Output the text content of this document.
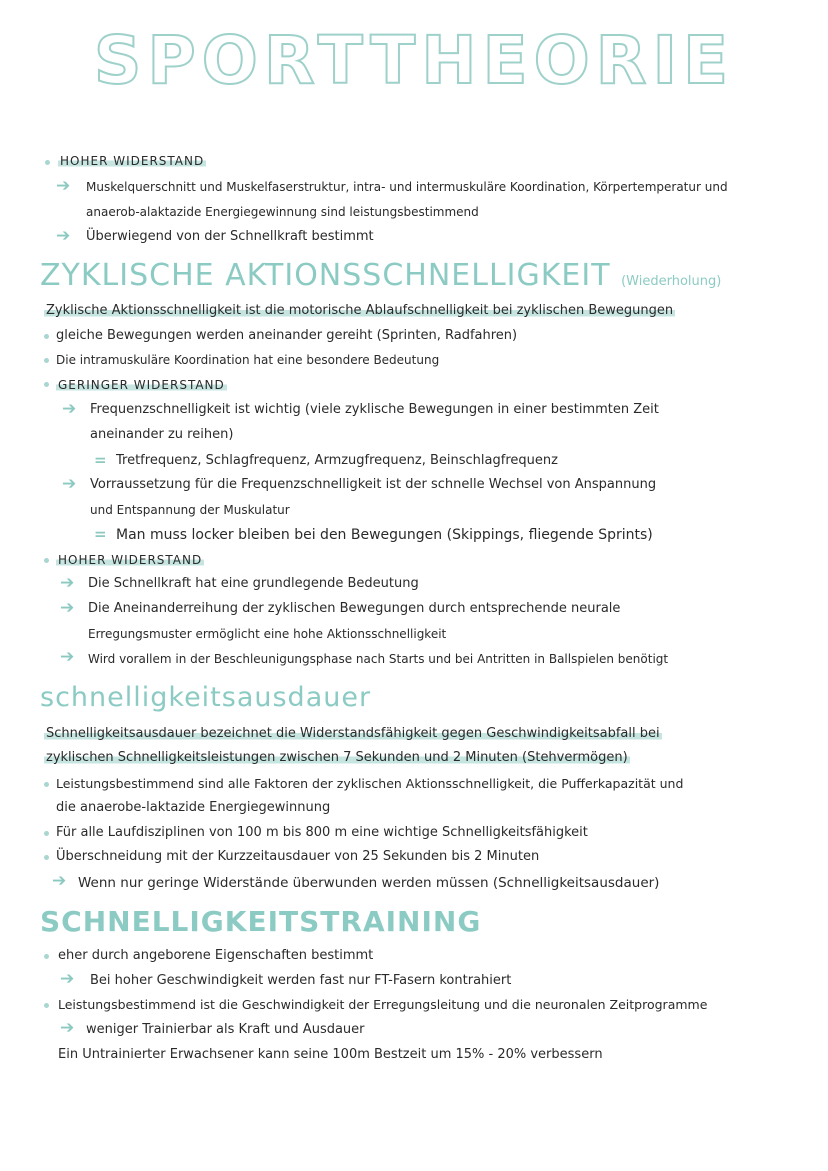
SPORTTHEORIE
HOHER WIDERSTAND
➔ Muskelquerschnitt und Muskelfaserstruktur, intra- und intermuskuläre Koordination, Körpertemperatur und
anaerob-alaktazide Energiegewinnung sind leistungsbestimmend
➔ Überwiegend von der Schnellkraft bestimmt
ZYKLISCHE AKTIONSSCHNELLIGKEIT (Wiederholung)
Zyklische Aktionsschnelligkeit ist die motorische Ablaufschnelligkeit bei zyklischen Bewegungen
gleiche Bewegungen werden aneinander gereiht (Sprinten, Radfahren)
Die intramuskuläre Koordination hat eine besondere Bedeutung
GERINGER WIDERSTAND
➔ Frequenzschnelligkeit ist wichtig (viele zyklische Bewegungen in einer bestimmten Zeit
aneinander zu reihen)
= Tretfrequenz, Schlagfrequenz, Armzugfrequenz, Beinschlagfrequenz
➔ Vorraussetzung für die Frequenzschnelligkeit ist der schnelle Wechsel von Anspannung
und Entspannung der Muskulatur
= Man muss locker bleiben bei den Bewegungen (Skippings, fliegende Sprints)
HOHER WIDERSTAND
➔ Die Schnellkraft hat eine grundlegende Bedeutung
➔ Die Aneinanderreihung der zyklischen Bewegungen durch entsprechende neurale
Erregungsmuster ermöglicht eine hohe Aktionsschnelligkeit
➔ Wird vorallem in der Beschleunigungsphase nach Starts und bei Antritten in Ballspielen benötigt
schnelligkeitsausdauer
Schnelligkeitsausdauer bezeichnet die Widerstandsfähigkeit gegen Geschwindigkeitsabfall bei
zyklischen Schnelligkeitsleistungen zwischen 7 Sekunden und 2 Minuten (Stehvermögen)
Leistungsbestimmend sind alle Faktoren der zyklischen Aktionsschnelligkeit, die Pufferkapazität und
die anaerobe-laktazide Energiegewinnung
Für alle Laufdisziplinen von 100 m bis 800 m eine wichtige Schnelligkeitsfähigkeit
Überschneidung mit der Kurzzeitausdauer von 25 Sekunden bis 2 Minuten
➔ Wenn nur geringe Widerstände überwunden werden müssen (Schnelligkeitsausdauer)
SCHNELLIGKEITSTRAINING
eher durch angeborene Eigenschaften bestimmt
➔ Bei hoher Geschwindigkeit werden fast nur FT-Fasern kontrahiert
Leistungsbestimmend ist die Geschwindigkeit der Erregungsleitung und die neuronalen Zeitprogramme
➔ weniger Trainierbar als Kraft und Ausdauer
Ein Untrainierter Erwachsener kann seine 100m Bestzeit um 15% - 20% verbessern
